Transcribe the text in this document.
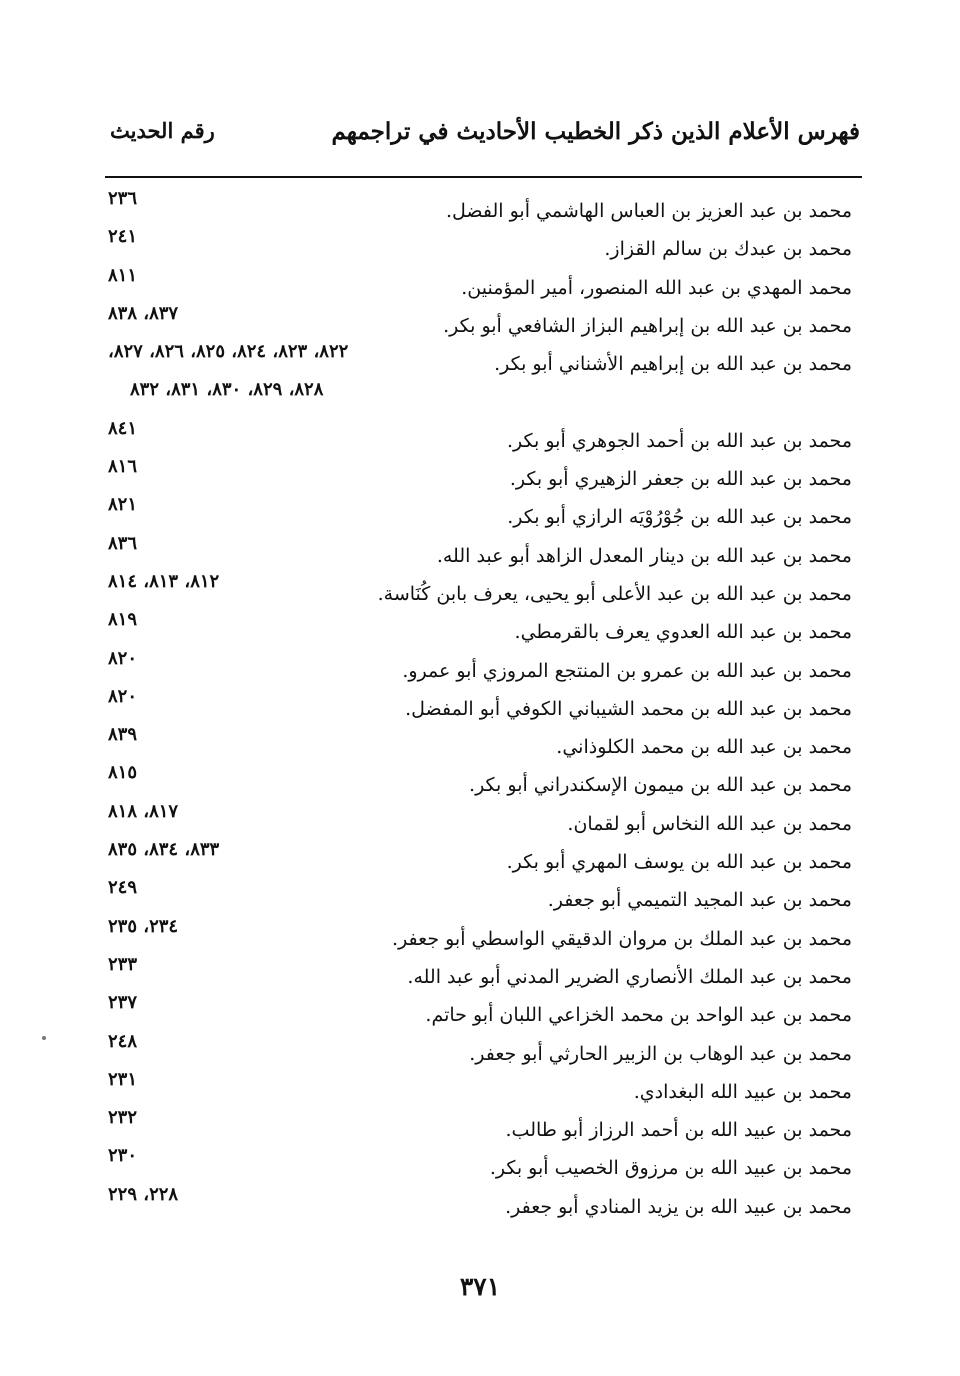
فهرس الأعلام الذين ذكر الخطيب الأحاديث في تراجمهم
رقم الحديث
محمد بن عبد العزيز بن العباس الهاشمي أبو الفضل.
٢٣٦
محمد بن عبدك بن سالم القزاز.
٢٤١
محمد المهدي بن عبد الله المنصور، أمير المؤمنين.
٨١١
محمد بن عبد الله بن إبراهيم البزاز الشافعي أبو بكر.
٨٣٧، ٨٣٨
محمد بن عبد الله بن إبراهيم الأشناني أبو بكر.
٨٢٢، ٨٢٣، ٨٢٤، ٨٢٥، ٨٢٦، ٨٢٧،
٨٢٨، ٨٢٩، ٨٣٠، ٨٣١، ٨٣٢
محمد بن عبد الله بن أحمد الجوهري أبو بكر.
٨٤١
محمد بن عبد الله بن جعفر الزهيري أبو بكر.
٨١٦
محمد بن عبد الله بن جُوْرُوْيَه الرازي أبو بكر.
٨٢١
محمد بن عبد الله بن دينار المعدل الزاهد أبو عبد الله.
٨٣٦
محمد بن عبد الله بن عبد الأعلى أبو يحيى، يعرف بابن كُنَاسة.
٨١٢، ٨١٣، ٨١٤
محمد بن عبد الله العدوي يعرف بالقرمطي.
٨١٩
محمد بن عبد الله بن عمرو بن المنتجع المروزي أبو عمرو.
٨٢٠
محمد بن عبد الله بن محمد الشيباني الكوفي أبو المفضل.
٨٢٠
محمد بن عبد الله بن محمد الكلوذاني.
٨٣٩
محمد بن عبد الله بن ميمون الإسكندراني أبو بكر.
٨١٥
محمد بن عبد الله النخاس أبو لقمان.
٨١٧، ٨١٨
محمد بن عبد الله بن يوسف المهري أبو بكر.
٨٣٣، ٨٣٤، ٨٣٥
محمد بن عبد المجيد التميمي أبو جعفر.
٢٤٩
محمد بن عبد الملك بن مروان الدقيقي الواسطي أبو جعفر.
٢٣٤، ٢٣٥
محمد بن عبد الملك الأنصاري الضرير المدني أبو عبد الله.
٢٣٣
محمد بن عبد الواحد بن محمد الخزاعي اللبان أبو حاتم.
٢٣٧
محمد بن عبد الوهاب بن الزبير الحارثي أبو جعفر.
٢٤٨
محمد بن عبيد الله البغدادي.
٢٣١
محمد بن عبيد الله بن أحمد الرزاز أبو طالب.
٢٣٢
محمد بن عبيد الله بن مرزوق الخصيب أبو بكر.
٢٣٠
محمد بن عبيد الله بن يزيد المنادي أبو جعفر.
٢٢٨، ٢٢٩
٣٧١
